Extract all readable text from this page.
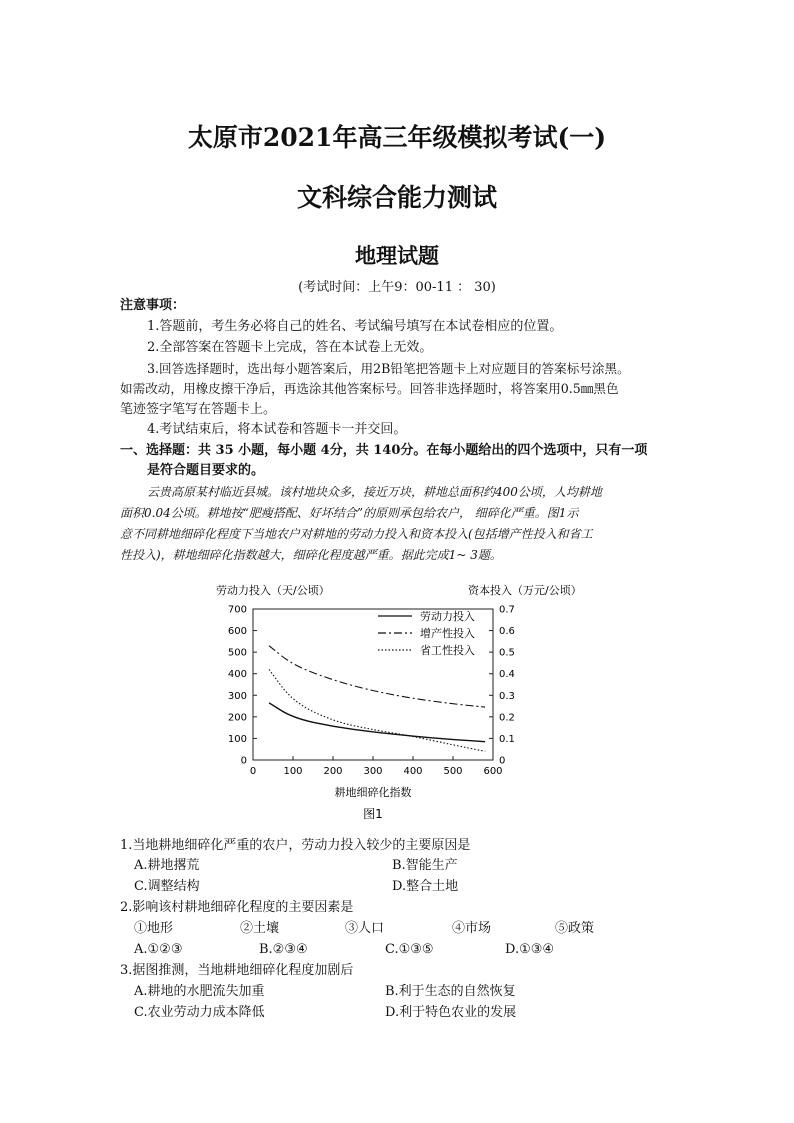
太原市2021年高三年级模拟考试(一)
文科综合能力测试
地理试题
(考试时间：上午9：00-11 ： 30)
注意事项：
1.答题前，考生务必将自己的姓名、考试编号填写在本试卷相应的位置。
2.全部答案在答题卡上完成，答在本试卷上无效。
3.回答选择题时，选出每小题答案后，用2B铅笔把答题卡上对应题目的答案标号涂黑。
如需改动，用橡皮擦干净后，再选涂其他答案标号。回答非选择题时，将答案用0.5㎜黑色
笔迹签字笔写在答题卡上。
4.考试结束后，将本试卷和答题卡一并交回。
一、选择题：共 35 小题，每小题 4分，共 140分。在每小题给出的四个选项中，只有一项
是符合题目要求的。
云贵高原某村临近县城。该村地块众多，接近万块，耕地总面积约400公顷，人均耕地
面积0.04公顷。耕地按“肥瘦搭配、好坏结合”的原则承包给农户， 细碎化严重。图1示
意不同耕地细碎化程度下当地农户对耕地的劳动力投入和资本投入(包括增产性投入和省工
性投入)，耕地细碎化指数越大，细碎化程度越严重。据此完成1~ 3题。
劳动力投入（天/公顷）	资本投入（万元/公顷）
0	100 200 300 400 500 600
0
100
200
300
400
500
600
700
0
0.1
0.2
0.3
0.4
0.5
0.6
0.7
劳动力投入
增产性投入
省工性投入
耕地细碎化指数
图1
1.当地耕地细碎化严重的农户，劳动力投入较少的主要原因是
A.耕地撂荒	B.智能生产
C.调整结构	D.整合土地
2.影响该村耕地细碎化程度的主要因素是
①地形	②土壤	③人口	④市场	⑤政策
A.①②③	B.②③④	C.①③⑤	D.①③④
3.据图推测，当地耕地细碎化程度加剧后
A.耕地的水肥流失加重	B.利于生态的自然恢复
C.农业劳动力成本降低	D.利于特色农业的发展
